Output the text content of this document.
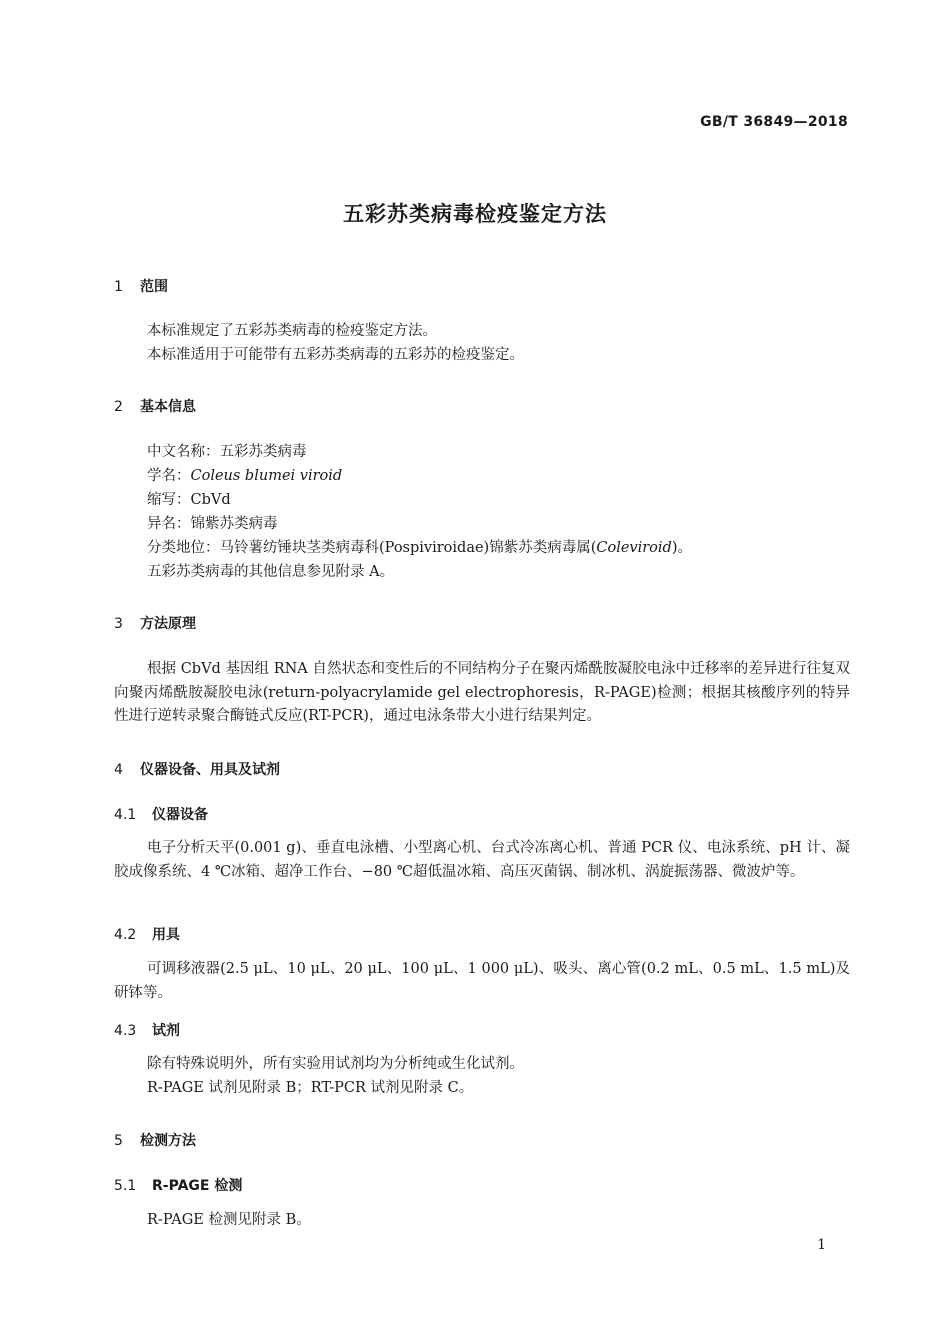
GB/T 36849—2018
五彩苏类病毒检疫鉴定方法
1 范围
本标准规定了五彩苏类病毒的检疫鉴定方法。
本标准适用于可能带有五彩苏类病毒的五彩苏的检疫鉴定。
2 基本信息
中文名称：五彩苏类病毒
学名：Coleus blumei viroid
缩写：CbVd
异名：锦紫苏类病毒
分类地位：马铃薯纺锤块茎类病毒科(Pospiviroidae)锦紫苏类病毒属(Coleviroid)。
五彩苏类病毒的其他信息参见附录 A。
3 方法原理
根据 CbVd 基因组 RNA 自然状态和变性后的不同结构分子在聚丙烯酰胺凝胶电泳中迁移率的差异进行往复双向聚丙烯酰胺凝胶电泳(return-polyacrylamide gel electrophoresis，R-PAGE)检测；根据其核酸序列的特异性进行逆转录聚合酶链式反应(RT-PCR)，通过电泳条带大小进行结果判定。
4 仪器设备、用具及试剂
4.1 仪器设备
电子分析天平(0.001 g)、垂直电泳槽、小型离心机、台式冷冻离心机、普通 PCR 仪、电泳系统、pH 计、凝胶成像系统、4 ℃冰箱、超净工作台、−80 ℃超低温冰箱、高压灭菌锅、制冰机、涡旋振荡器、微波炉等。
4.2 用具
可调移液器(2.5 μL、10 μL、20 μL、100 μL、1 000 μL)、吸头、离心管(0.2 mL、0.5 mL、1.5 mL)及研钵等。
4.3 试剂
除有特殊说明外，所有实验用试剂均为分析纯或生化试剂。
R-PAGE 试剂见附录 B；RT-PCR 试剂见附录 C。
5 检测方法
5.1 R-PAGE 检测
R-PAGE 检测见附录 B。
1
